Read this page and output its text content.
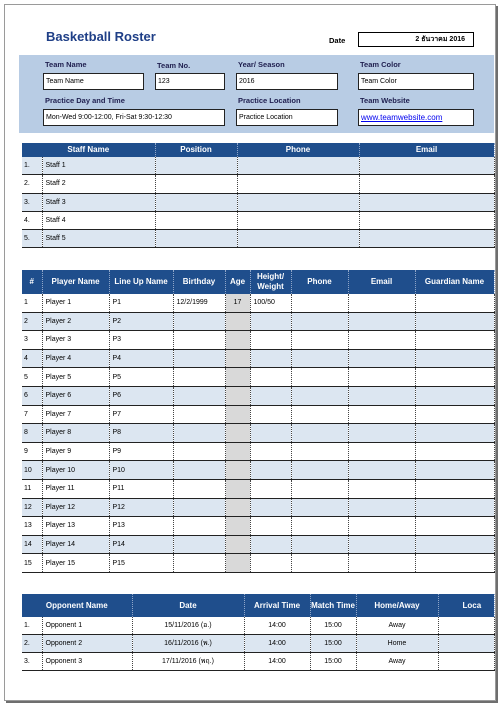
Basketball Roster	Date	2 ธันวาคม 2016
Team Name
Team Name
Team No.
123
Year/ Season
2016
Team Color
Team Color
Practice Day and Time
Mon-Wed 9:00-12:00, Fri-Sat 9:30-12:30
Practice Location
Practice Location
Team Website
www.teamwebsite.com
Staff Name		Position	Phone	Email
1.	Staff 1			
2.	Staff 2			
3.	Staff 3			
4.	Staff 4			
5.	Staff 5			
#	Player Name	Line Up Name	Birthday	Age	Height/ Weight	Phone	Email	Guardian Name
1	Player 1	P1	12/2/1999	17	100/50			
2	Player 2	P2						
3	Player 3	P3						
4	Player 4	P4						
5	Player 5	P5						
6	Player 6	P6						
7	Player 7	P7						
8	Player 8	P8						
9	Player 9	P9						
10	Player 10	P10						
11	Player 11	P11						
12	Player 12	P12						
13	Player 13	P13						
14	Player 14	P14						
15	Player 15	P15						
Opponent Name		Date	Arrival Time	Match Time	Home/Away	Loca
1.	Opponent 1	15/11/2016 (อ.)	14:00	15:00	Away	
2.	Opponent 2	16/11/2016 (พ.)	14:00	15:00	Home	
3.	Opponent 3	17/11/2016 (พฤ.)	14:00	15:00	Away	
